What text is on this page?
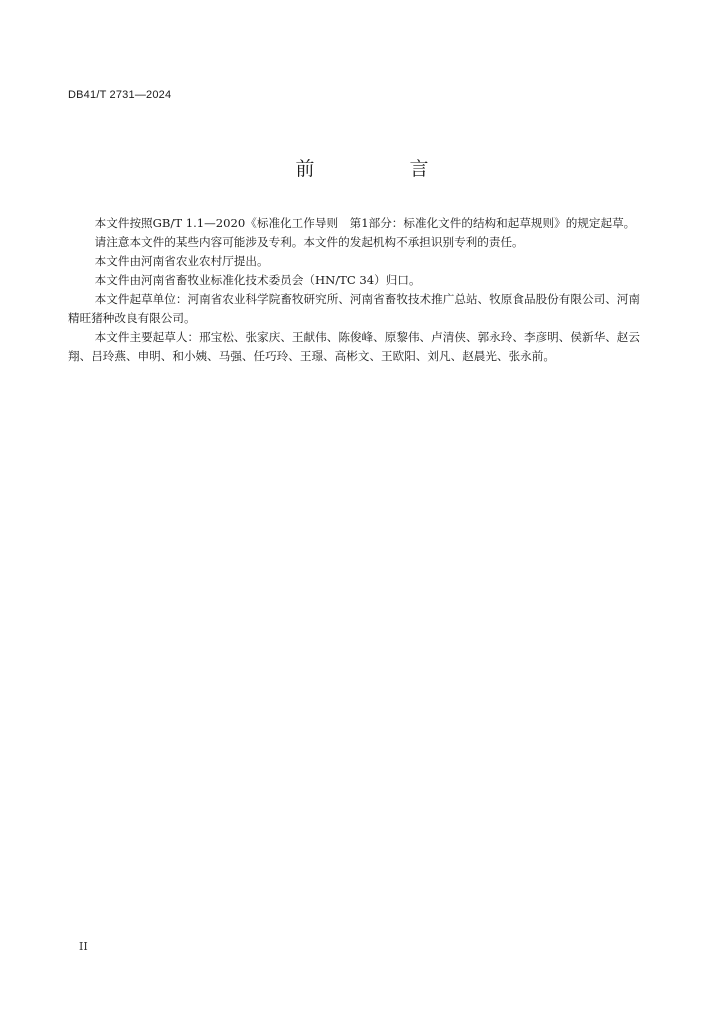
DB41/T 2731—2024
前　言

本文件按照GB/T 1.1—2020《标准化工作导则　第1部分：标准化文件的结构和起草规则》的规定起草。

请注意本文件的某些内容可能涉及专利。本文件的发起机构不承担识别专利的责任。

本文件由河南省农业农村厅提出。

本文件由河南省畜牧业标准化技术委员会（HN/TC 34）归口。

本文件起草单位：河南省农业科学院畜牧研究所、河南省畜牧技术推广总站、牧原食品股份有限公司、河南精旺猪种改良有限公司。

本文件主要起草人：邢宝松、张家庆、王献伟、陈俊峰、原黎伟、卢清侠、郭永玲、李彦明、侯新华、赵云翔、吕玲燕、申明、和小姨、马强、任巧玲、王璟、高彬文、王欧阳、刘凡、赵晨光、张永前。

II
